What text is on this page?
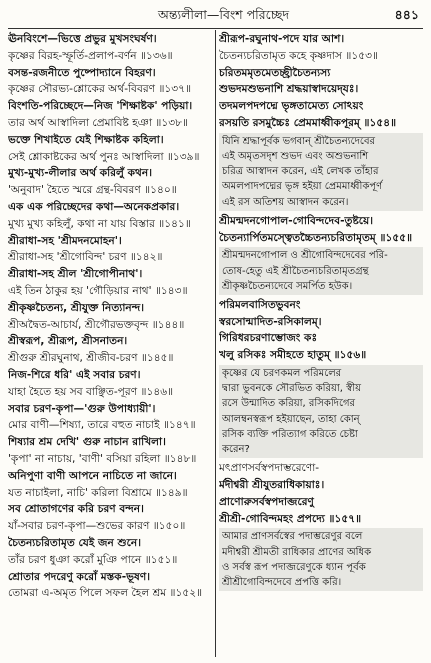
অন্ত্যলীলা—বিংশ পরিচ্ছেদ	৪৪১
ঊনবিংশে—ভিত্তে প্রভুর মুখসংঘর্ষণ।
কৃষ্ণের বিরহ-স্ফূর্তি-প্রলাপ-বর্ণন ॥১৩৬॥
বসন্ত-রজনীতে পুষ্পোদ্যানে বিহরণ।
কৃষ্ণের সৌরভ্য-শ্লোকের অর্থ-বিবরণ ॥১৩৭॥
বিংশতি-পরিচ্ছেদে—নিজ 'শিক্ষাষ্টক' পড়িয়া।
তার অর্থ আস্বাদিলা প্রেমাবিষ্ট হঞা ॥১৩৮॥
ভক্তে শিখাইতে যেই শিক্ষাষ্টক কহিলা।
সেই শ্লোকাষ্টকের অর্থ পুনঃ আস্বাদিলা ॥১৩৯॥
মুখ্য-মুখ্য-লীলার অর্থ করিলুঁ কথন।
'অনুবাদ' হৈতে স্মরে গ্রন্থ-বিবরণ ॥১৪০॥
এক এক পরিচ্ছেদের কথা—অনেকপ্রকার।
মুখ্য মুখ্য কহিলুঁ, কথা না যায় বিস্তার ॥১৪১॥
শ্রীরাধা-সহ 'শ্রীমদনমোহন'।
শ্রীরাধা-সহ 'শ্রীগোবিন্দ' চরণ ॥১৪২॥
শ্রীরাধা-সহ শ্রীল 'শ্রীগোপীনাথ'।
এই তিন ঠাকুর হয় 'গৌড়িয়ার নাথ' ॥১৪৩॥
শ্রীকৃষ্ণচৈতন্য, শ্রীযুক্ত নিত্যানন্দ।
শ্রীঅদ্বৈত-আচার্য, শ্রীগৌরভক্তবৃন্দ ॥১৪৪॥
শ্রীস্বরূপ, শ্রীরূপ, শ্রীসনাতন।
শ্রীগুরু শ্রীরঘুনাথ, শ্রীজীব-চরণ ॥১৪৫॥
নিজ-শিরে ধরি' এই সবার চরণ।
যাহা হৈতে হয় সব বাঞ্ছিত-পূরণ ॥১৪৬॥
সবার চরণ-কৃপা—'গুরু উপাধ্যায়ী'।
মোর বাণী—শিষ্যা, তারে বহুত নাচাই ॥১৪৭॥
শিষ্যার শ্রম দেখি' গুরু নাচান রাখিলা।
'কৃপা' না নাচায়, 'বাণী' বসিয়া রহিলা ॥১৪৮॥
অনিপুণা বাণী আপনে নাচিতে না জানে।
যত নাচাইলা, নাচি' করিলা বিশ্রামে ॥১৪৯॥
সব শ্রোতাগণের করি চরণ বন্দন।
যাঁ-সবার চরণ-কৃপা—শুভের কারণ ॥১৫০॥
চৈতন্যচরিতামৃত যেই জন শুনে।
তাঁর চরণ ধুঞা করোঁ মুঞি পানে ॥১৫১॥
শ্রোতার পদরেণু করোঁ মস্তক-ভূষণ।
তোমরা এ-অমৃত পিলে সফল হৈল শ্রম ॥১৫২॥
শ্রীরূপ-রঘুনাথ-পদে যার আশ।
চৈতন্যচরিতামৃত কহে কৃষ্ণদাস ॥১৫৩॥
চরিতমমৃতমেতচ্ছ্রীচৈতন্যস্য
শুভদমশুভনাশি শ্রদ্ধয়াস্বাদয়েদ্‌যঃ।
তদমলপদপদ্মে ভৃঙ্গতামেত্য সোঽয়ং
রসয়তি রসমুচ্চৈঃ প্রেমমাধ্বীকপূরম্ ॥১৫৪॥
যিনি শ্রদ্ধাপূর্বক ভগবান্ শ্রীচৈতন্যদেবের
এই অমৃতসদৃশ শুভদ এবং অশুভনাশি
চরিত্র আস্বাদন করেন, এই লেখক তাঁহার
অমলপাদপদ্মের ভৃঙ্গ হইয়া প্রেমমাধ্বীকপূর্ণ
এই রস অতিশয় আস্বাদন করেন।
শ্রীমন্মদনগোপাল-গোবিন্দদেব-তুষ্টয়ে।
চৈতন্যার্পিতমস্ত্বেতচ্চৈতন্যচরিতামৃতম্ ॥১৫৫॥
শ্রীমন্মদনগোপাল ও শ্রীগোবিন্দদেবের পরি-
তোষ-হেতু এই শ্রীচৈতন্যচরিতামৃতগ্রন্থ
শ্রীকৃষ্ণচৈতন্যদেবে সমর্পিত হউক।
পরিমলবাসিতভুবনং
স্বরসোন্মাদিত-রসিকালম্।
গিরিধরচরণাম্ভোজং কঃ
খলু রসিকঃ সমীহতে হাতুম্ ॥১৫৬॥
কৃষ্ণের যে চরণকমল পরিমলের
দ্বারা ভুবনকে সৌরভিত করিয়া, স্বীয়
রসে উন্মাদিত করিয়া, রসিকদিগের
আলম্বনস্বরূপ হইয়াছেন, তাহা কোন্
রসিক ব্যক্তি পরিত্যাগ করিতে চেষ্টা
করেন?
মৎপ্রাণসর্বস্বপদাম্ভরেণো-
র্মদীশ্বরী শ্রীযুতরাধিকায়াঃ।
প্রাণোরুসর্বস্বপদাব্জরেণু
শ্রীশ্রী-গোবিন্দমহং প্রপদ্যে ॥১৫৭॥
আমার প্রাণসর্বস্বের পদাম্ভরেণুর বলে
মদীশ্বরী শ্রীমতী রাধিকার প্রাণের অধিক
ও সর্বস্ব রূপ পদাব্জরেণুকে ধ্যান পূর্বক
শ্রীশ্রীগোবিন্দদেবে প্রপত্তি করি।
